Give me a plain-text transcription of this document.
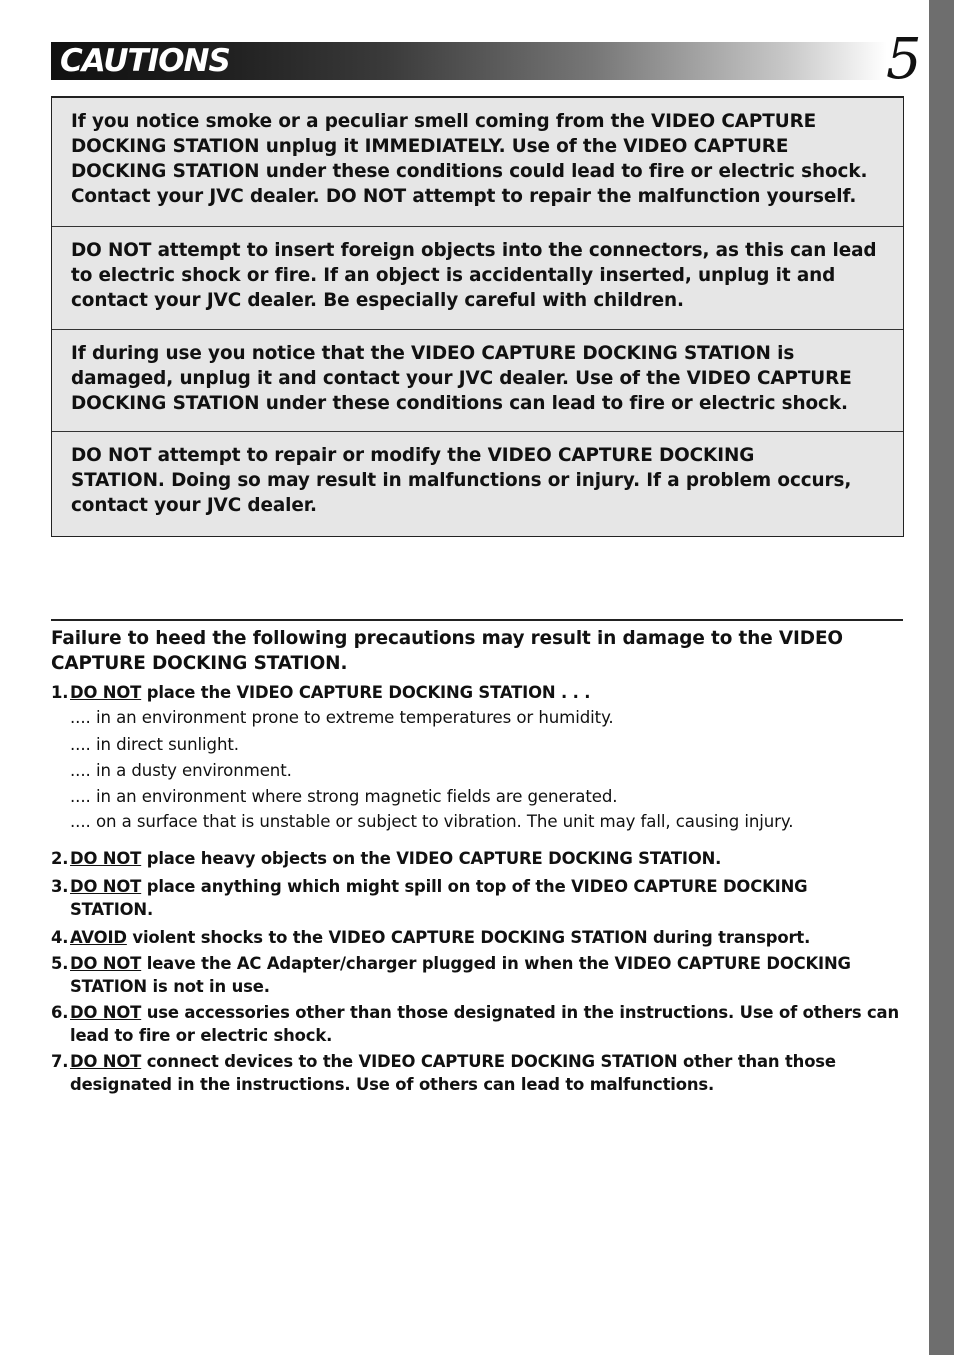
CAUTIONS	5
If you notice smoke or a peculiar smell coming from the VIDEO CAPTURE
DOCKING STATION unplug it IMMEDIATELY. Use of the VIDEO CAPTURE
DOCKING STATION under these conditions could lead to fire or electric shock.
Contact your JVC dealer. DO NOT attempt to repair the malfunction yourself.
DO NOT attempt to insert foreign objects into the connectors, as this can lead
to electric shock or fire. If an object is accidentally inserted, unplug it and
contact your JVC dealer. Be especially careful with children.
If during use you notice that the VIDEO CAPTURE DOCKING STATION is
damaged, unplug it and contact your JVC dealer. Use of the VIDEO CAPTURE
DOCKING STATION under these conditions can lead to fire or electric shock.
DO NOT attempt to repair or modify the VIDEO CAPTURE DOCKING
STATION. Doing so may result in malfunctions or injury. If a problem occurs,
contact your JVC dealer.
Failure to heed the following precautions may result in damage to the VIDEO
CAPTURE DOCKING STATION.
1. DO NOT place the VIDEO CAPTURE DOCKING STATION . . .
.... in an environment prone to extreme temperatures or humidity.
.... in direct sunlight.
.... in a dusty environment.
.... in an environment where strong magnetic fields are generated.
.... on a surface that is unstable or subject to vibration. The unit may fall, causing injury.
2. DO NOT place heavy objects on the VIDEO CAPTURE DOCKING STATION.
3. DO NOT place anything which might spill on top of the VIDEO CAPTURE DOCKING
STATION.
4. AVOID violent shocks to the VIDEO CAPTURE DOCKING STATION during transport.
5. DO NOT leave the AC Adapter/charger plugged in when the VIDEO CAPTURE DOCKING
STATION is not in use.
6. DO NOT use accessories other than those designated in the instructions. Use of others can
lead to fire or electric shock.
7. DO NOT connect devices to the VIDEO CAPTURE DOCKING STATION other than those
designated in the instructions. Use of others can lead to malfunctions.
